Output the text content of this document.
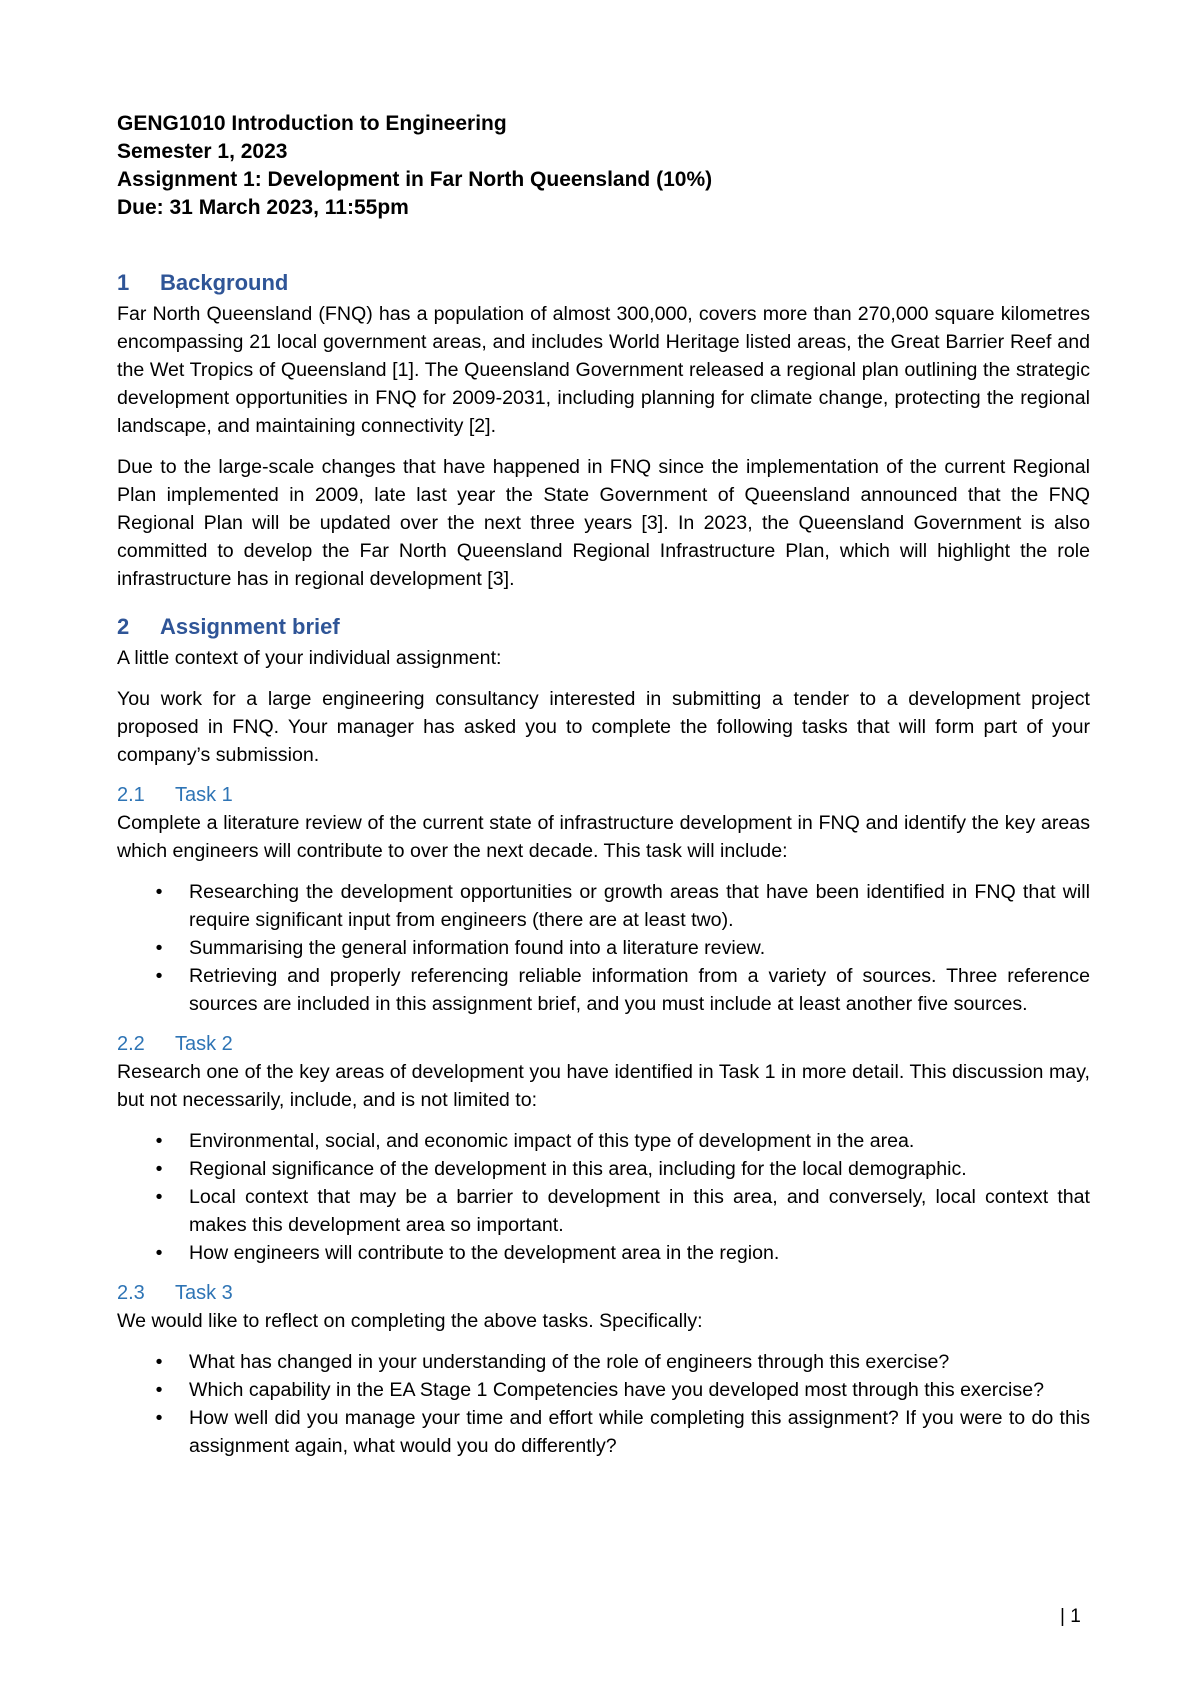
GENG1010 Introduction to Engineering

Semester 1, 2023

Assignment 1: Development in Far North Queensland (10%)

Due: 31 March 2023, 11:55pm

1 Background

Far North Queensland (FNQ) has a population of almost 300,000, covers more than 270,000 square kilometres encompassing 21 local government areas, and includes World Heritage listed areas, the Great Barrier Reef and the Wet Tropics of Queensland [1]. The Queensland Government released a regional plan outlining the strategic development opportunities in FNQ for 2009-2031, including planning for climate change, protecting the regional landscape, and maintaining connectivity [2].

Due to the large-scale changes that have happened in FNQ since the implementation of the current Regional Plan implemented in 2009, late last year the State Government of Queensland announced that the FNQ Regional Plan will be updated over the next three years [3]. In 2023, the Queensland Government is also committed to develop the Far North Queensland Regional Infrastructure Plan, which will highlight the role infrastructure has in regional development [3].

2 Assignment brief

A little context of your individual assignment:

You work for a large engineering consultancy interested in submitting a tender to a development project proposed in FNQ. Your manager has asked you to complete the following tasks that will form part of your company’s submission.

2.1 Task 1

Complete a literature review of the current state of infrastructure development in FNQ and identify the key areas which engineers will contribute to over the next decade. This task will include:

• Researching the development opportunities or growth areas that have been identified in FNQ that will require significant input from engineers (there are at least two).
• Summarising the general information found into a literature review.
• Retrieving and properly referencing reliable information from a variety of sources. Three reference sources are included in this assignment brief, and you must include at least another five sources.
2.2 Task 2

Research one of the key areas of development you have identified in Task 1 in more detail. This discussion may, but not necessarily, include, and is not limited to:

• Environmental, social, and economic impact of this type of development in the area.
• Regional significance of the development in this area, including for the local demographic.
• Local context that may be a barrier to development in this area, and conversely, local context that makes this development area so important.
• How engineers will contribute to the development area in the region.
2.3 Task 3

We would like to reflect on completing the above tasks. Specifically:

• What has changed in your understanding of the role of engineers through this exercise?
• Which capability in the EA Stage 1 Competencies have you developed most through this exercise?
• How well did you manage your time and effort while completing this assignment? If you were to do this assignment again, what would you do differently?
| 1
